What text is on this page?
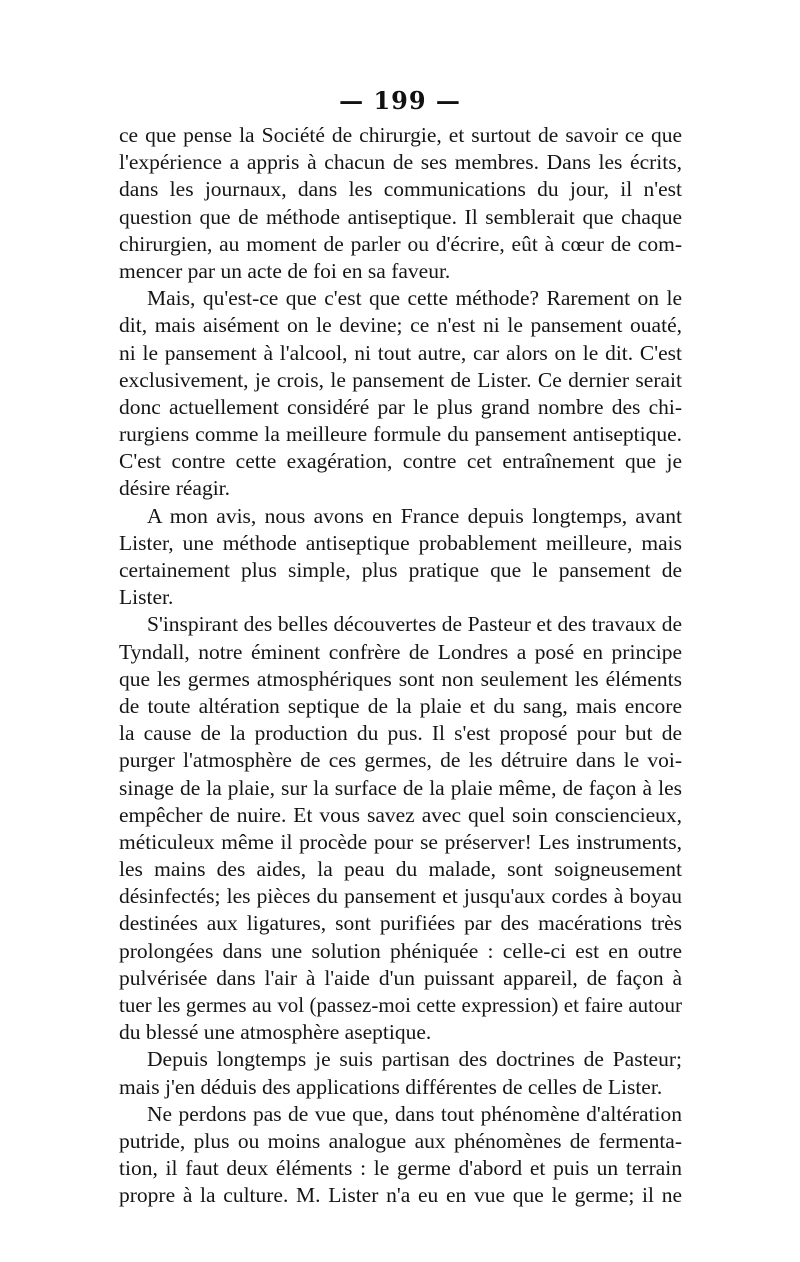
— 199 —
ce que pense la Société de chirurgie, et surtout de savoir ce que
l'expérience a appris à chacun de ses membres. Dans les écrits,
dans les journaux, dans les communications du jour, il n'est
question que de méthode antiseptique. Il semblerait que chaque
chirurgien, au moment de parler ou d'écrire, eût à cœur de com-
mencer par un acte de foi en sa faveur.
Mais, qu'est-ce que c'est que cette méthode? Rarement on le
dit, mais aisément on le devine; ce n'est ni le pansement ouaté,
ni le pansement à l'alcool, ni tout autre, car alors on le dit. C'est
exclusivement, je crois, le pansement de Lister. Ce dernier serait
donc actuellement considéré par le plus grand nombre des chi-
rurgiens comme la meilleure formule du pansement antiseptique.
C'est contre cette exagération, contre cet entraînement que je
désire réagir.
A mon avis, nous avons en France depuis longtemps, avant
Lister, une méthode antiseptique probablement meilleure, mais
certainement plus simple, plus pratique que le pansement de
Lister.
S'inspirant des belles découvertes de Pasteur et des travaux de
Tyndall, notre éminent confrère de Londres a posé en principe
que les germes atmosphériques sont non seulement les éléments
de toute altération septique de la plaie et du sang, mais encore
la cause de la production du pus. Il s'est proposé pour but de
purger l'atmosphère de ces germes, de les détruire dans le voi-
sinage de la plaie, sur la surface de la plaie même, de façon à les
empêcher de nuire. Et vous savez avec quel soin consciencieux,
méticuleux même il procède pour se préserver! Les instruments,
les mains des aides, la peau du malade, sont soigneusement
désinfectés; les pièces du pansement et jusqu'aux cordes à boyau
destinées aux ligatures, sont purifiées par des macérations très
prolongées dans une solution phéniquée : celle-ci est en outre
pulvérisée dans l'air à l'aide d'un puissant appareil, de façon à
tuer les germes au vol (passez-moi cette expression) et faire autour
du blessé une atmosphère aseptique.
Depuis longtemps je suis partisan des doctrines de Pasteur;
mais j'en déduis des applications différentes de celles de Lister.
Ne perdons pas de vue que, dans tout phénomène d'altération
putride, plus ou moins analogue aux phénomènes de fermenta-
tion, il faut deux éléments : le germe d'abord et puis un terrain
propre à la culture. M. Lister n'a eu en vue que le germe; il ne
